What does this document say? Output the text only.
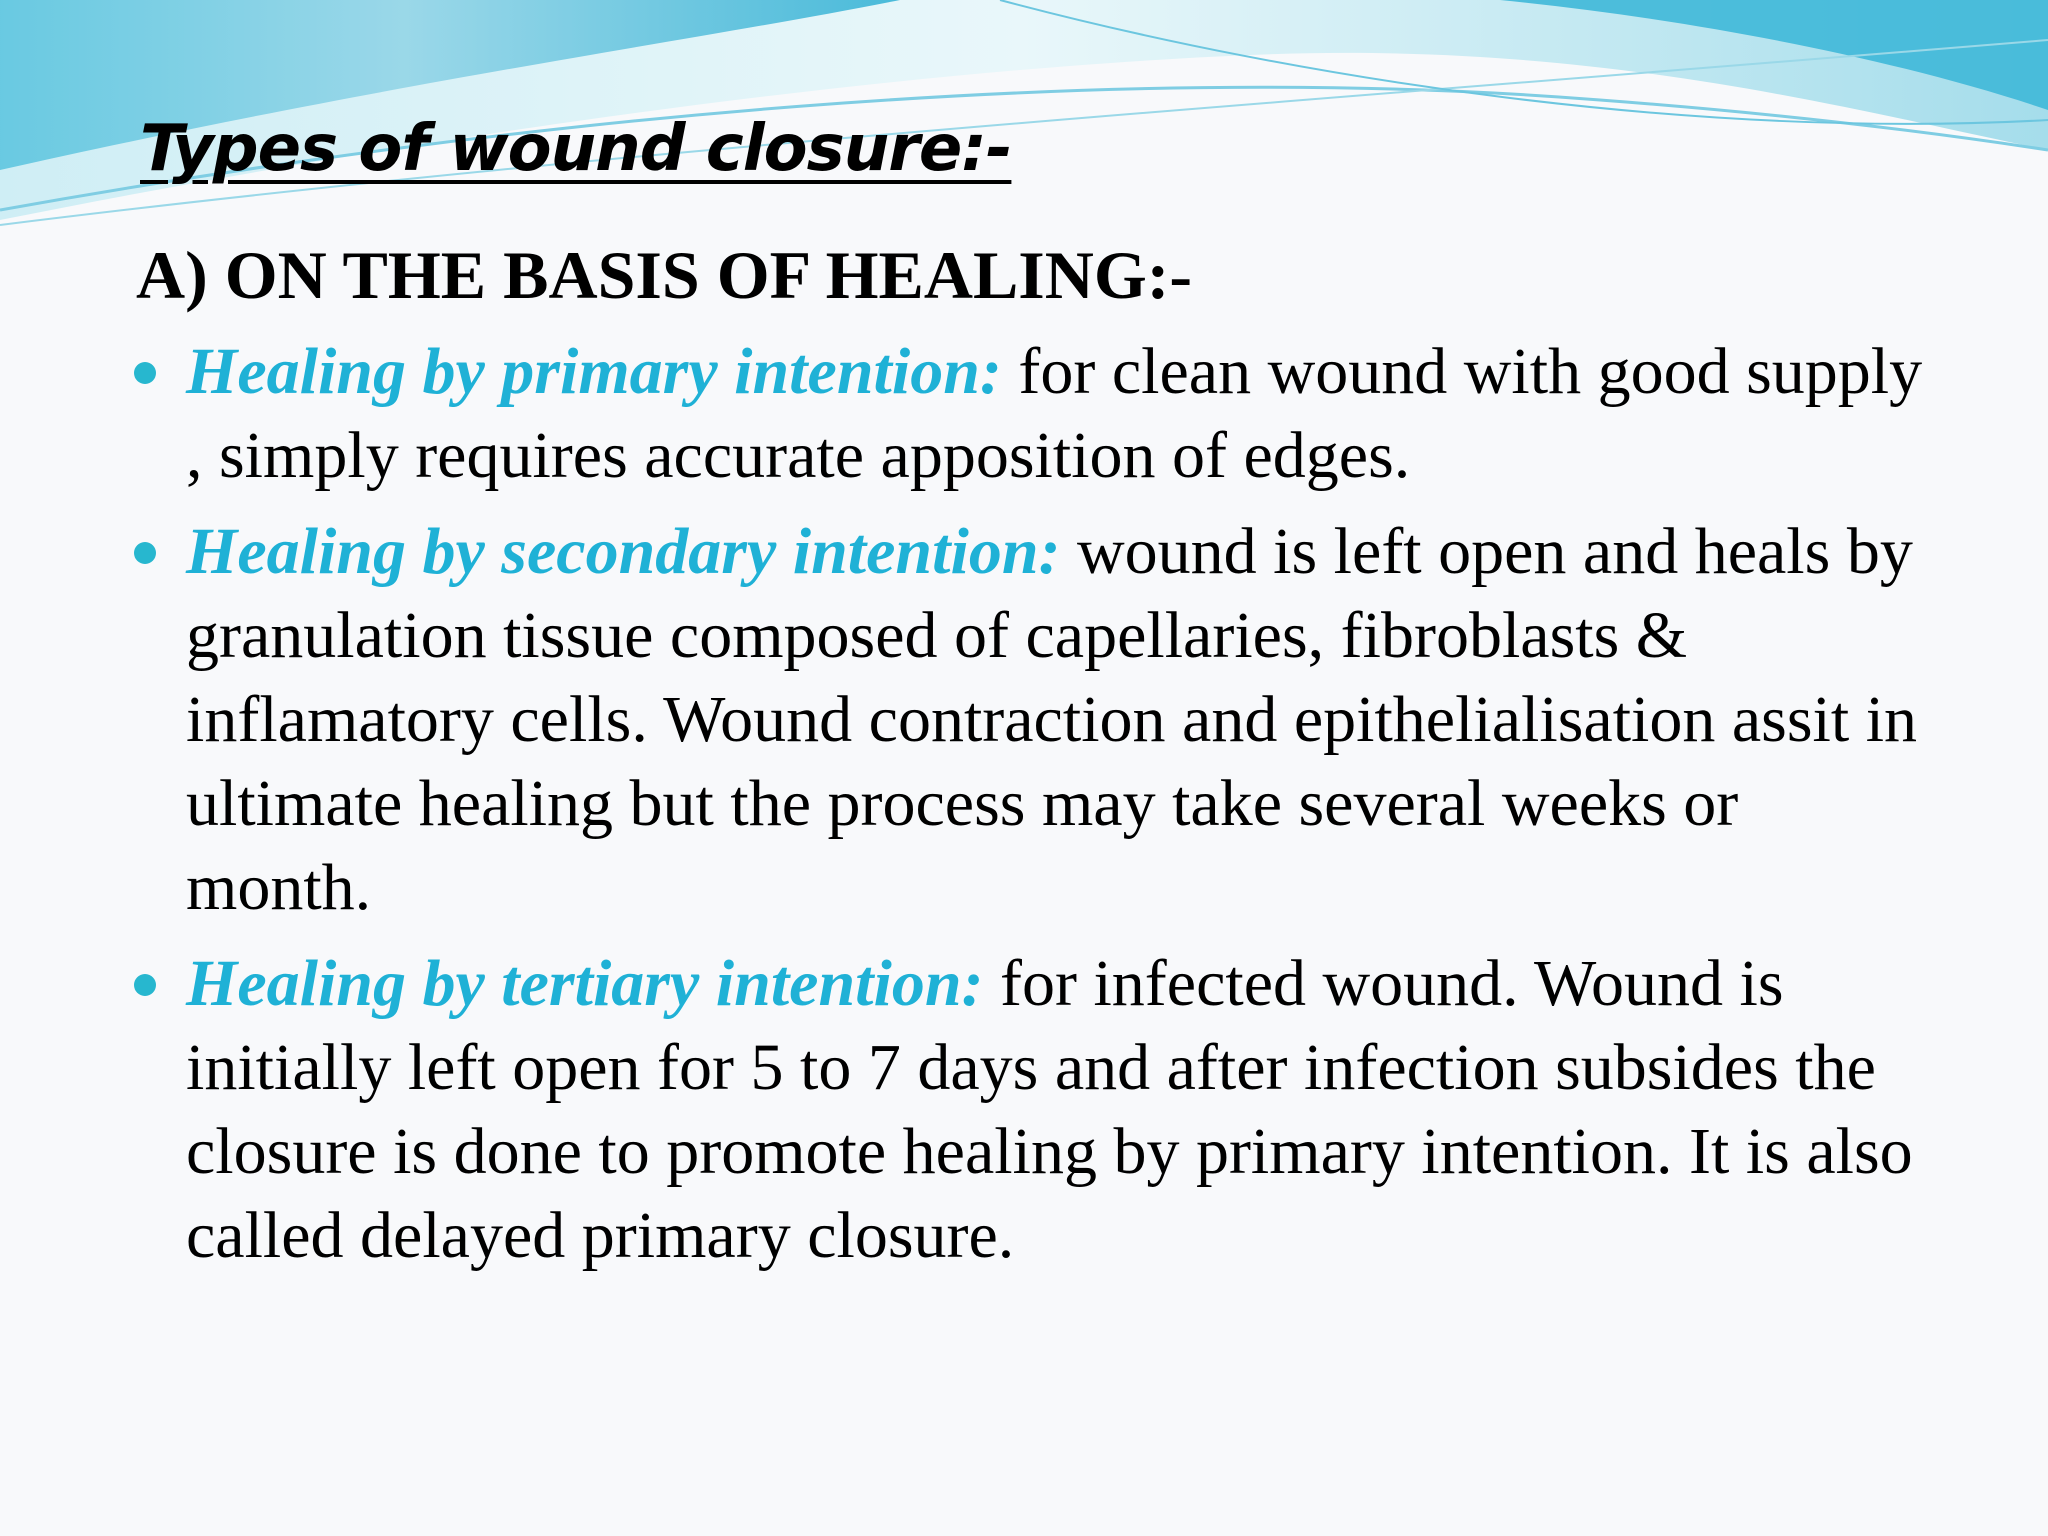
Types of wound closure:-
A) ON THE BASIS OF HEALING:-
Healing by primary intention: for clean wound with good supply , simply requires accurate apposition of edges.
Healing by secondary intention: wound is left open and heals by granulation tissue composed of capellaries, fibroblasts & inflamatory cells. Wound contraction and epithelialisation assit in ultimate healing but the process may take several weeks or month.
Healing by tertiary intention: for infected wound. Wound is initially left open for 5 to 7 days and after infection subsides the closure is done to promote healing by primary intention. It is also called delayed primary closure.
